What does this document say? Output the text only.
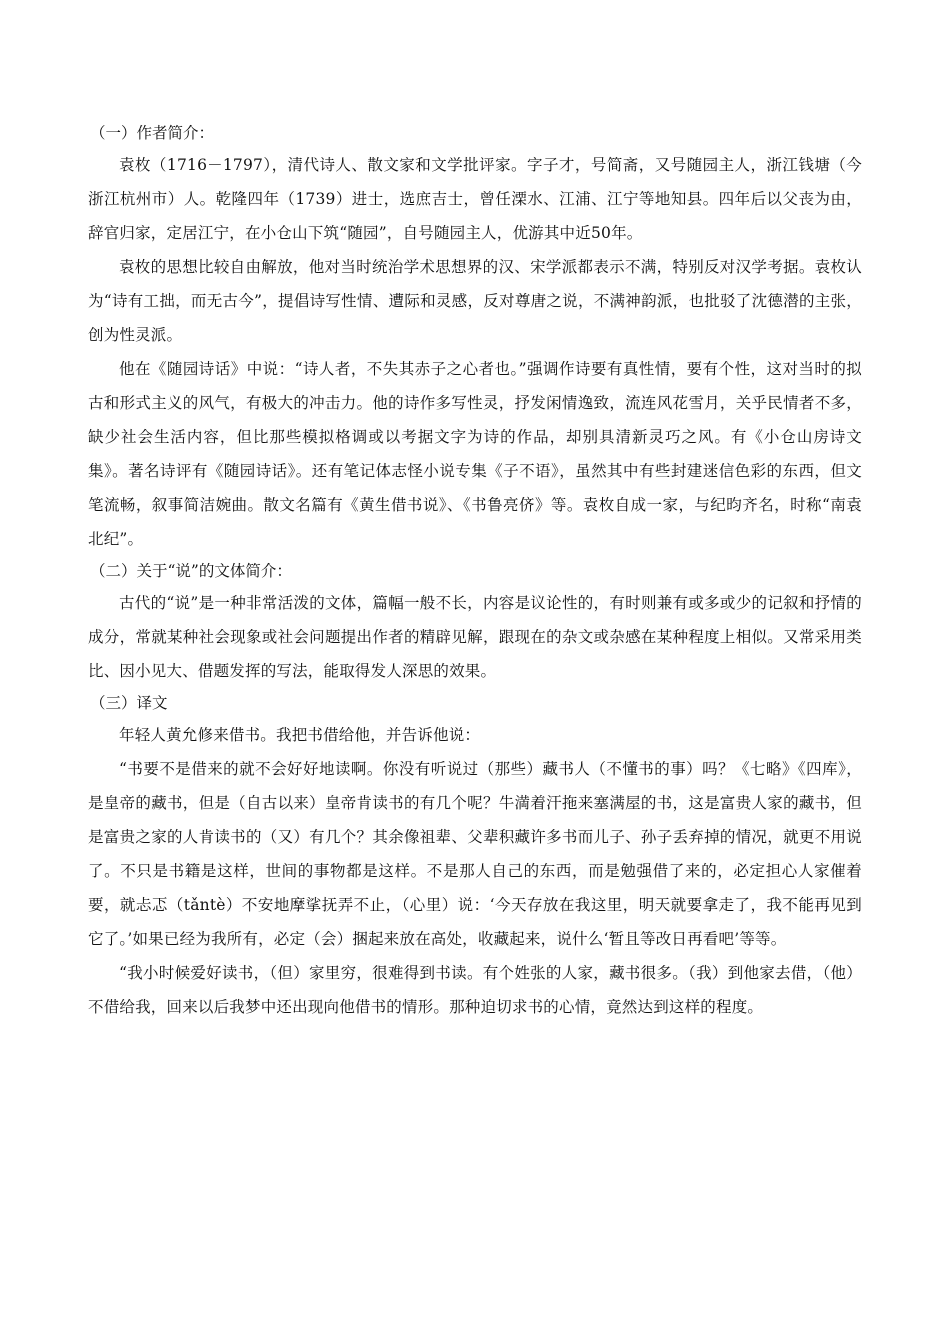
（一）作者简介：

袁枚（1716－1797），清代诗人、散文家和文学批评家。字子才，号简斋，又号随园主人，浙江钱塘（今浙江杭州市）人。乾隆四年（1739）进士，选庶吉士，曾任溧水、江浦、江宁等地知县。四年后以父丧为由，辞官归家，定居江宁，在小仓山下筑“随园”，自号随园主人，优游其中近50年。

袁枚的思想比较自由解放，他对当时统治学术思想界的汉、宋学派都表示不满，特别反对汉学考据。袁枚认为“诗有工拙，而无古今”，提倡诗写性情、遭际和灵感，反对尊唐之说，不满神韵派，也批驳了沈德潜的主张，创为性灵派。

他在《随园诗话》中说：“诗人者，不失其赤子之心者也。”强调作诗要有真性情，要有个性，这对当时的拟古和形式主义的风气，有极大的冲击力。他的诗作多写性灵，抒发闲情逸致，流连风花雪月，关乎民情者不多，缺少社会生活内容，但比那些模拟格调或以考据文字为诗的作品，却别具清新灵巧之风。有《小仓山房诗文集》。著名诗评有《随园诗话》。还有笔记体志怪小说专集《子不语》，虽然其中有些封建迷信色彩的东西，但文笔流畅，叙事简洁婉曲。散文名篇有《黄生借书说》、《书鲁亮侪》等。袁枚自成一家，与纪昀齐名，时称“南袁北纪”。

（二）关于“说”的文体简介：

古代的“说”是一种非常活泼的文体，篇幅一般不长，内容是议论性的，有时则兼有或多或少的记叙和抒情的成分，常就某种社会现象或社会问题提出作者的精辟见解，跟现在的杂文或杂感在某种程度上相似。又常采用类比、因小见大、借题发挥的写法，能取得发人深思的效果。

（三）译文

年轻人黄允修来借书。我把书借给他，并告诉他说：

“书要不是借来的就不会好好地读啊。你没有听说过（那些）藏书人（不懂书的事）吗？《七略》《四库》，是皇帝的藏书，但是（自古以来）皇帝肯读书的有几个呢？牛満着汗拖来塞满屋的书，这是富贵人家的藏书，但是富贵之家的人肯读书的（又）有几个？其余像祖辈、父辈积藏许多书而儿子、孙子丢弃掉的情况，就更不用说了。不只是书籍是这样，世间的事物都是这样。不是那人自己的东西，而是勉强借了来的，必定担心人家催着要，就忐忑（tǎntè）不安地摩挲抚弄不止，（心里）说：‘今天存放在我这里，明天就要拿走了，我不能再见到它了。’如果已经为我所有，必定（会）捆起来放在高处，收藏起来，说什么‘暂且等改日再看吧’等等。

“我小时候爱好读书，（但）家里穷，很难得到书读。有个姓张的人家，藏书很多。（我）到他家去借，（他）不借给我，回来以后我梦中还出现向他借书的情形。那种迫切求书的心情，竟然达到这样的程度。
